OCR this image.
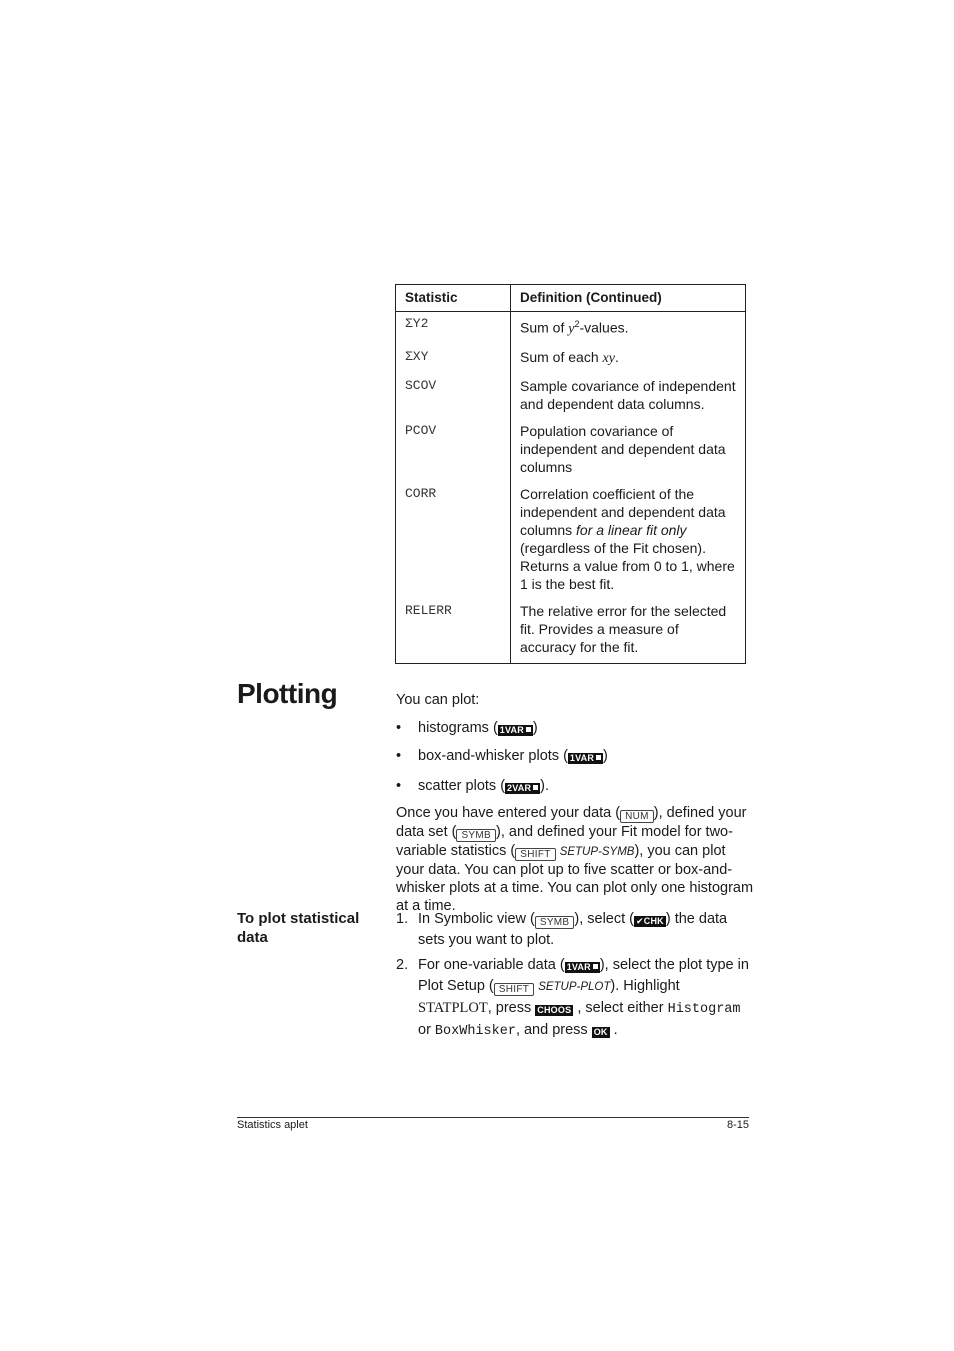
Statistic	Definition (Continued)
ΣY2	Sum of $y^2$-values.
ΣXY	Sum of each xy.
SCOV	Sample covariance of independent and dependent data columns.
PCOV	Population covariance of independent and dependent data columns
CORR	Correlation coefficient of the independent and dependent data columns for a linear fit only (regardless of the Fit chosen). Returns a value from 0 to 1, where 1 is the best fit.
RELERR	The relative error for the selected fit. Provides a measure of accuracy for the fit.
Plotting	You can plot:
• histograms ( 1VAR )
• box-and-whisker plots ( 1VAR )
• scatter plots ( 2VAR ).
Once you have entered your data ( NUM ), defined your data set ( SYMB ), and defined your Fit model for two-variable statistics ( SHIFT SETUP-SYMB), you can plot your data. You can plot up to five scatter or box-and-whisker plots at a time. You can plot only one histogram at a time.
To plot statistical data
1. In Symbolic view ( SYMB ), select ( ✔CHK ) the data sets you want to plot.
2. For one-variable data ( 1VAR ), select the plot type in Plot Setup ( SHIFT SETUP-PLOT). Highlight STATPLOT, press CHOOS , select either Histogram or BoxWhisker, and press OK .
Statistics aplet	8-15
